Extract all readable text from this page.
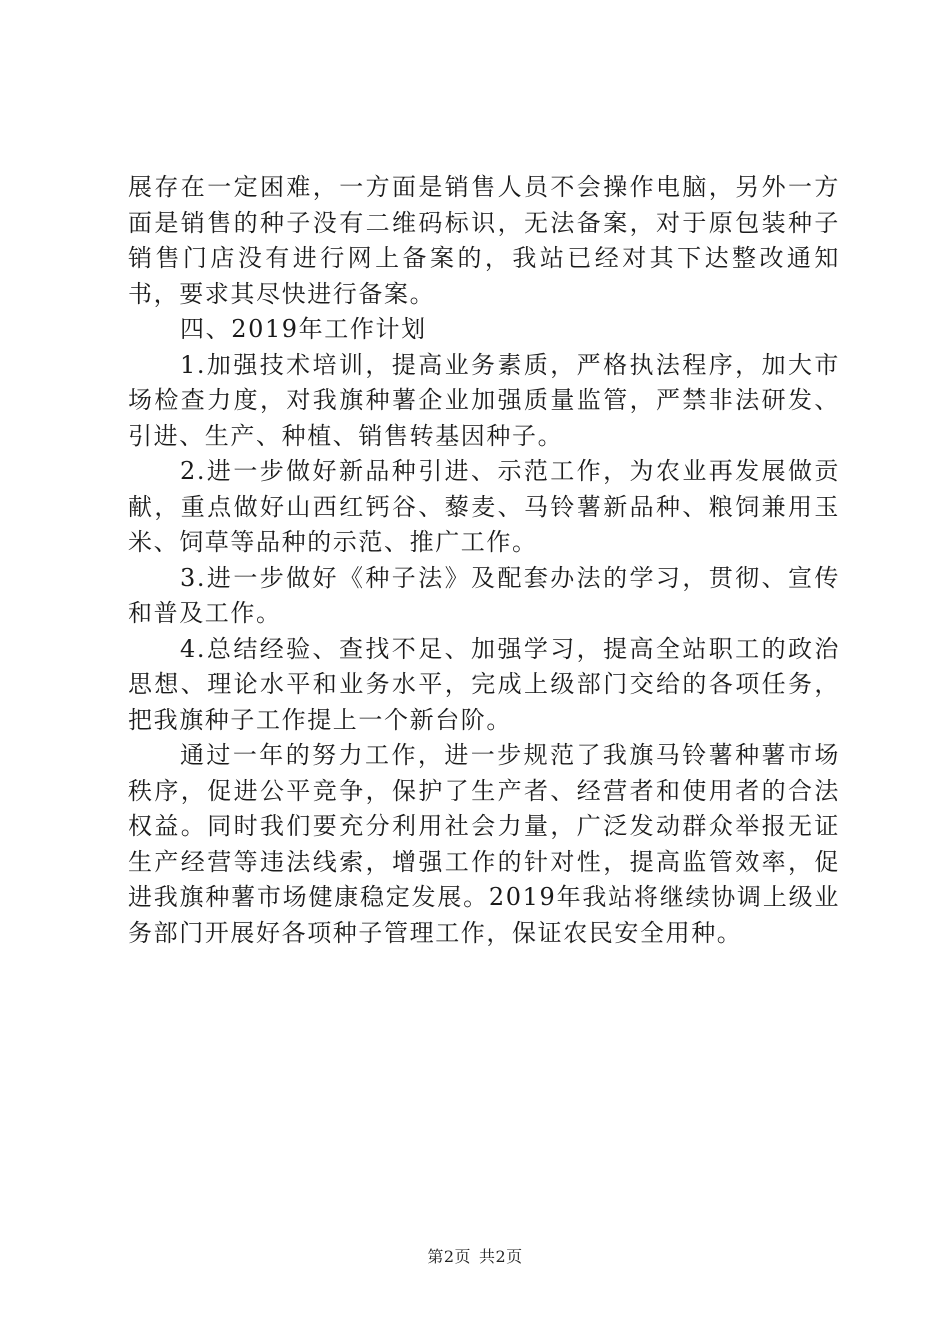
展存在一定困难，一方面是销售人员不会操作电脑，另外一方面是销售的种子没有二维码标识，无法备案，对于原包装种子销售门店没有进行网上备案的，我站已经对其下达整改通知书，要求其尽快进行备案。

四、2019年工作计划

1.加强技术培训，提高业务素质，严格执法程序，加大市场检查力度，对我旗种薯企业加强质量监管，严禁非法研发、引进、生产、种植、销售转基因种子。

2.进一步做好新品种引进、示范工作，为农业再发展做贡献，重点做好山西红钙谷、藜麦、马铃薯新品种、粮饲兼用玉米、饲草等品种的示范、推广工作。

3.进一步做好《种子法》及配套办法的学习，贯彻、宣传和普及工作。

4.总结经验、查找不足、加强学习，提高全站职工的政治思想、理论水平和业务水平，完成上级部门交给的各项任务，把我旗种子工作提上一个新台阶。

通过一年的努力工作，进一步规范了我旗马铃薯种薯市场秩序，促进公平竞争，保护了生产者、经营者和使用者的合法权益。同时我们要充分利用社会力量，广泛发动群众举报无证生产经营等违法线索，增强工作的针对性，提高监管效率，促进我旗种薯市场健康稳定发展。2019年我站将继续协调上级业务部门开展好各项种子管理工作，保证农民安全用种。

第2页 共2页
